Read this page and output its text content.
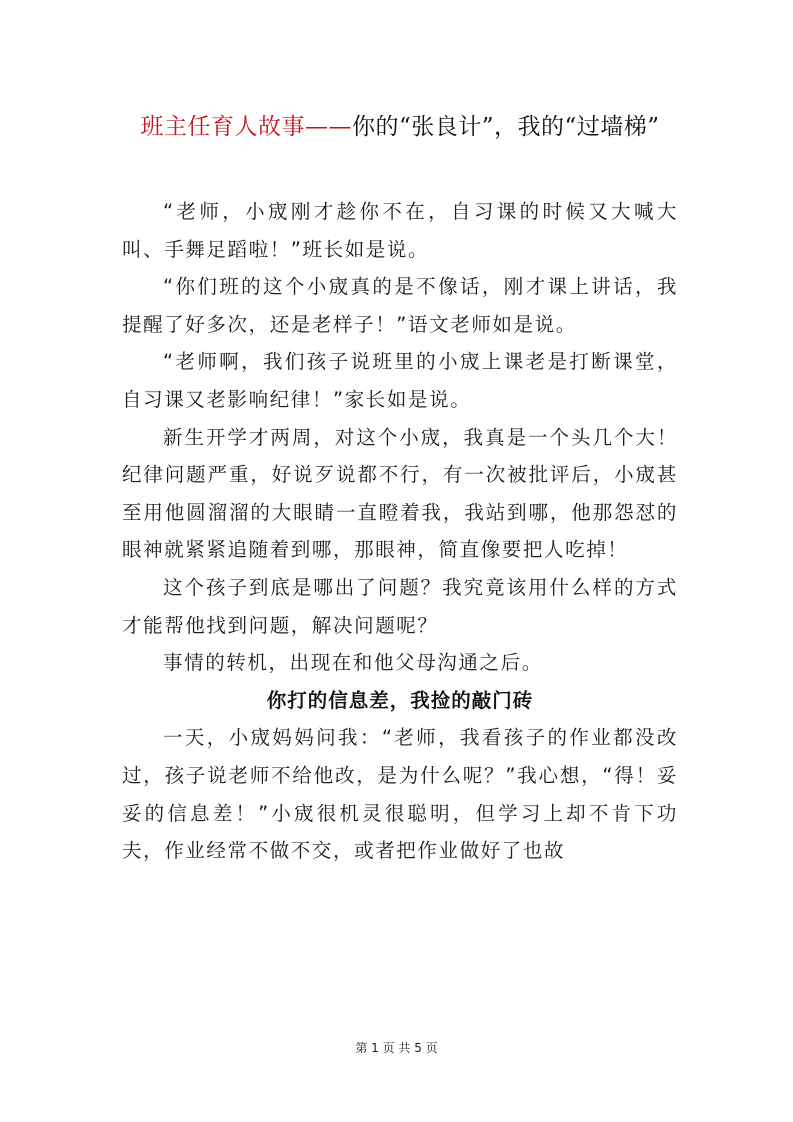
班主任育人故事——你的“张良计”，我的“过墙梯”

“老师，小宬刚才趁你不在，自习课的时候又大喊大叫、手舞足蹈啦！”班长如是说。

“你们班的这个小宬真的是不像话，刚才课上讲话，我提醒了好多次，还是老样子！”语文老师如是说。

“老师啊，我们孩子说班里的小宬上课老是打断课堂，自习课又老影响纪律！”家长如是说。

新生开学才两周，对这个小宬，我真是一个头几个大！纪律问题严重，好说歹说都不行，有一次被批评后，小宬甚至用他圆溜溜的大眼睛一直瞪着我，我站到哪，他那怨怼的眼神就紧紧追随着到哪，那眼神，简直像要把人吃掉！

这个孩子到底是哪出了问题？我究竟该用什么样的方式才能帮他找到问题，解决问题呢？

事情的转机，出现在和他父母沟通之后。

你打的信息差，我捡的敲门砖

一天，小宬妈妈问我：“老师，我看孩子的作业都没改过，孩子说老师不给他改，是为什么呢？”我心想，“得！妥妥的信息差！”小宬很机灵很聪明，但学习上却不肯下功夫，作业经常不做不交，或者把作业做好了也故

第 1 页 共 5 页
